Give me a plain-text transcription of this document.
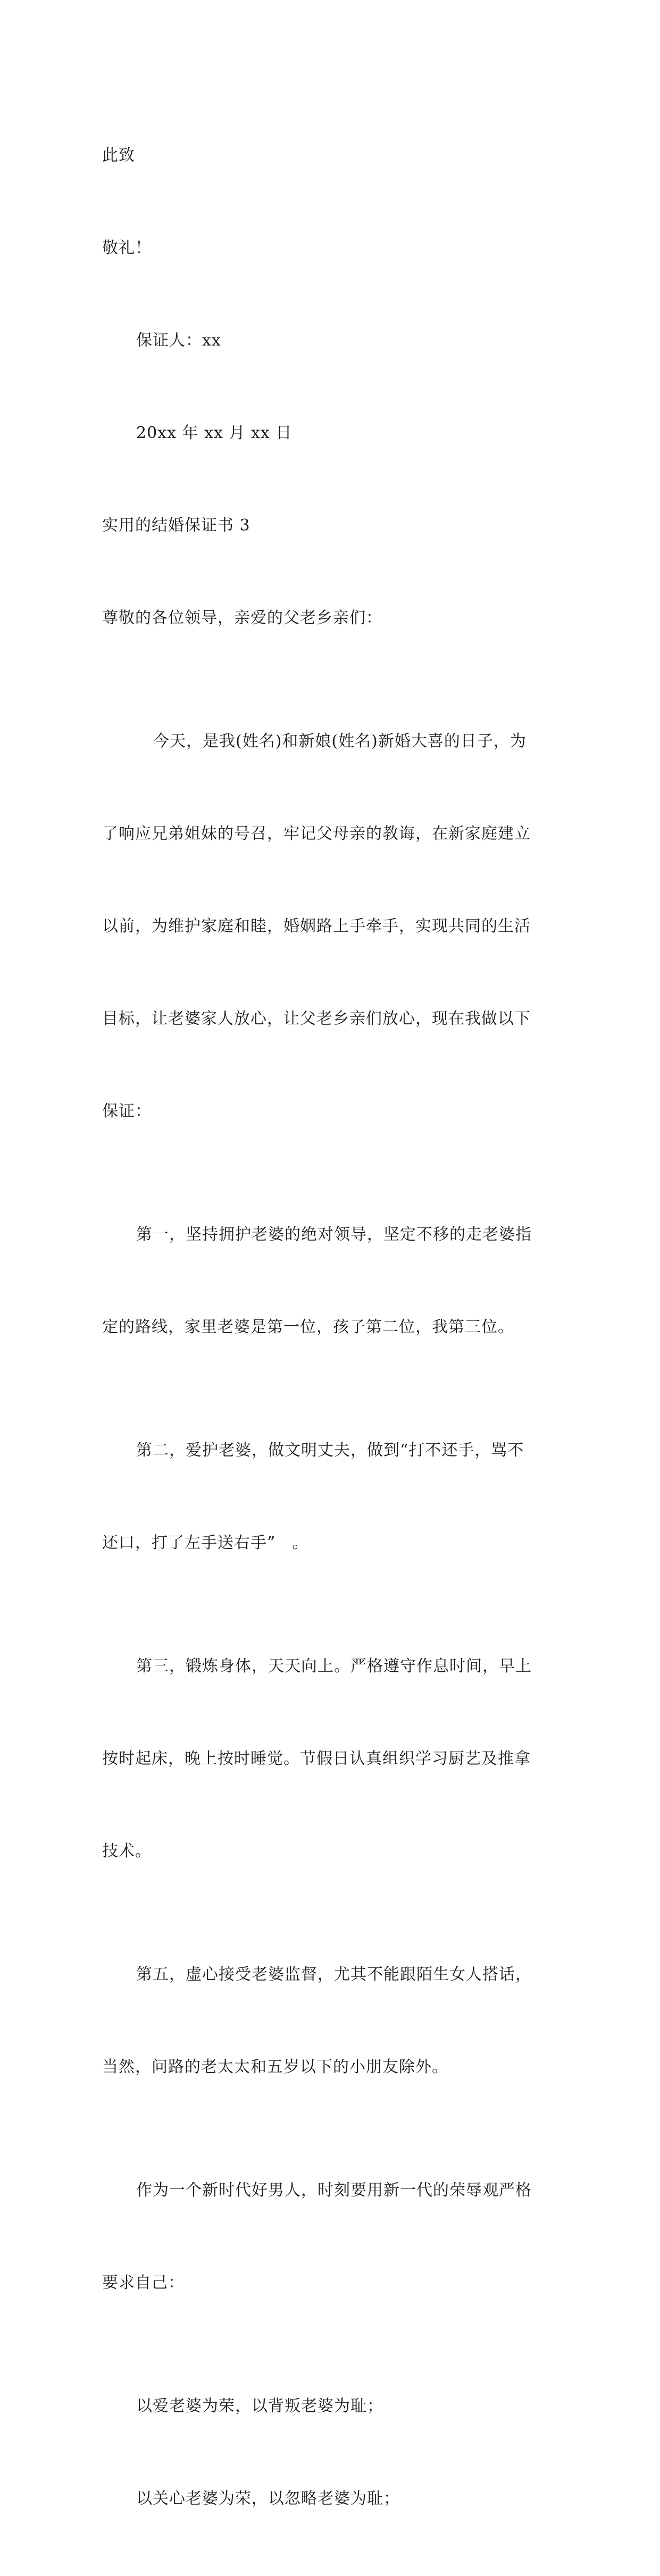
此致

敬礼！

保证人：xx

20xx 年 xx 月 xx 日

实用的结婚保证书 3

尊敬的各位领导，亲爱的父老乡亲们：

今天，是我(姓名)和新娘(姓名)新婚大喜的日子，为

了响应兄弟姐妹的号召，牢记父母亲的教诲，在新家庭建立

以前，为维护家庭和睦，婚姻路上手牵手，实现共同的生活

目标，让老婆家人放心，让父老乡亲们放心，现在我做以下

保证：

第一，坚持拥护老婆的绝对领导，坚定不移的走老婆指

定的路线，家里老婆是第一位，孩子第二位，我第三位。

第二，爱护老婆，做文明丈夫，做到“打不还手，骂不

还口，打了左手送右手”　。

第三，锻炼身体，天天向上。严格遵守作息时间，早上

按时起床，晚上按时睡觉。节假日认真组织学习厨艺及推拿

技术。

第五，虚心接受老婆监督，尤其不能跟陌生女人搭话，

当然，问路的老太太和五岁以下的小朋友除外。

作为一个新时代好男人，时刻要用新一代的荣辱观严格

要求自己：

以爱老婆为荣，以背叛老婆为耻；

以关心老婆为荣，以忽略老婆为耻；
